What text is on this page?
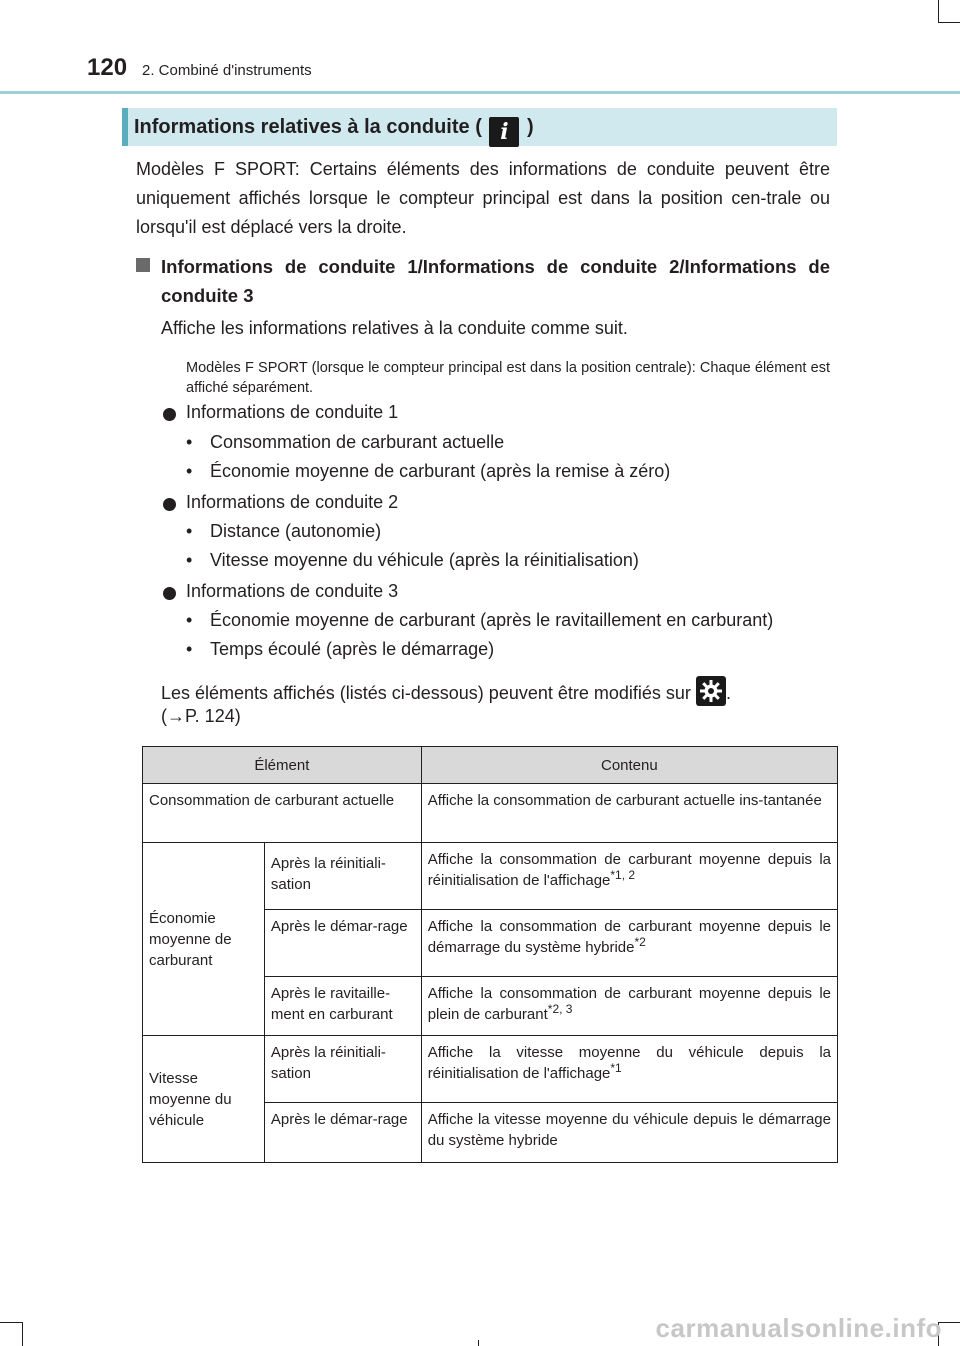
120 2. Combiné d'instruments
Informations relatives à la conduite ( i )
Modèles F SPORT: Certains éléments des informations de conduite peuvent être uniquement affichés lorsque le compteur principal est dans la position cen-trale ou lorsqu'il est déplacé vers la droite.
Informations de conduite 1/Informations de conduite 2/Informations de conduite 3
Affiche les informations relatives à la conduite comme suit.
Modèles F SPORT (lorsque le compteur principal est dans la position centrale): Chaque élément est affiché séparément.
Informations de conduite 1
• Consommation de carburant actuelle
• Économie moyenne de carburant (après la remise à zéro)
Informations de conduite 2
• Distance (autonomie)
• Vitesse moyenne du véhicule (après la réinitialisation)
Informations de conduite 3
• Économie moyenne de carburant (après le ravitaillement en carburant)
• Temps écoulé (après le démarrage)
Les éléments affichés (listés ci-dessous) peuvent être modifiés sur .
(→P. 124)
Élément		Contenu
Consommation de carburant actuelle		Affiche la consommation de carburant actuelle ins-tantanée
Économie moyenne de carburant	Après la réinitiali-sation	Affiche la consommation de carburant moyenne depuis la réinitialisation de l'affichage$^{*1, 2}$
	Après le démar-rage	Affiche la consommation de carburant moyenne depuis le démarrage du système hybride$^{*2}$
	Après le ravitaille-ment en carburant	Affiche la consommation de carburant moyenne depuis le plein de carburant$^{*2, 3}$
Vitesse moyenne du véhicule	Après la réinitiali-sation	Affiche la vitesse moyenne du véhicule depuis la réinitialisation de l'affichage$^{*1}$
	Après le démar-rage	Affiche la vitesse moyenne du véhicule depuis le démarrage du système hybride
carmanualsonline.info
